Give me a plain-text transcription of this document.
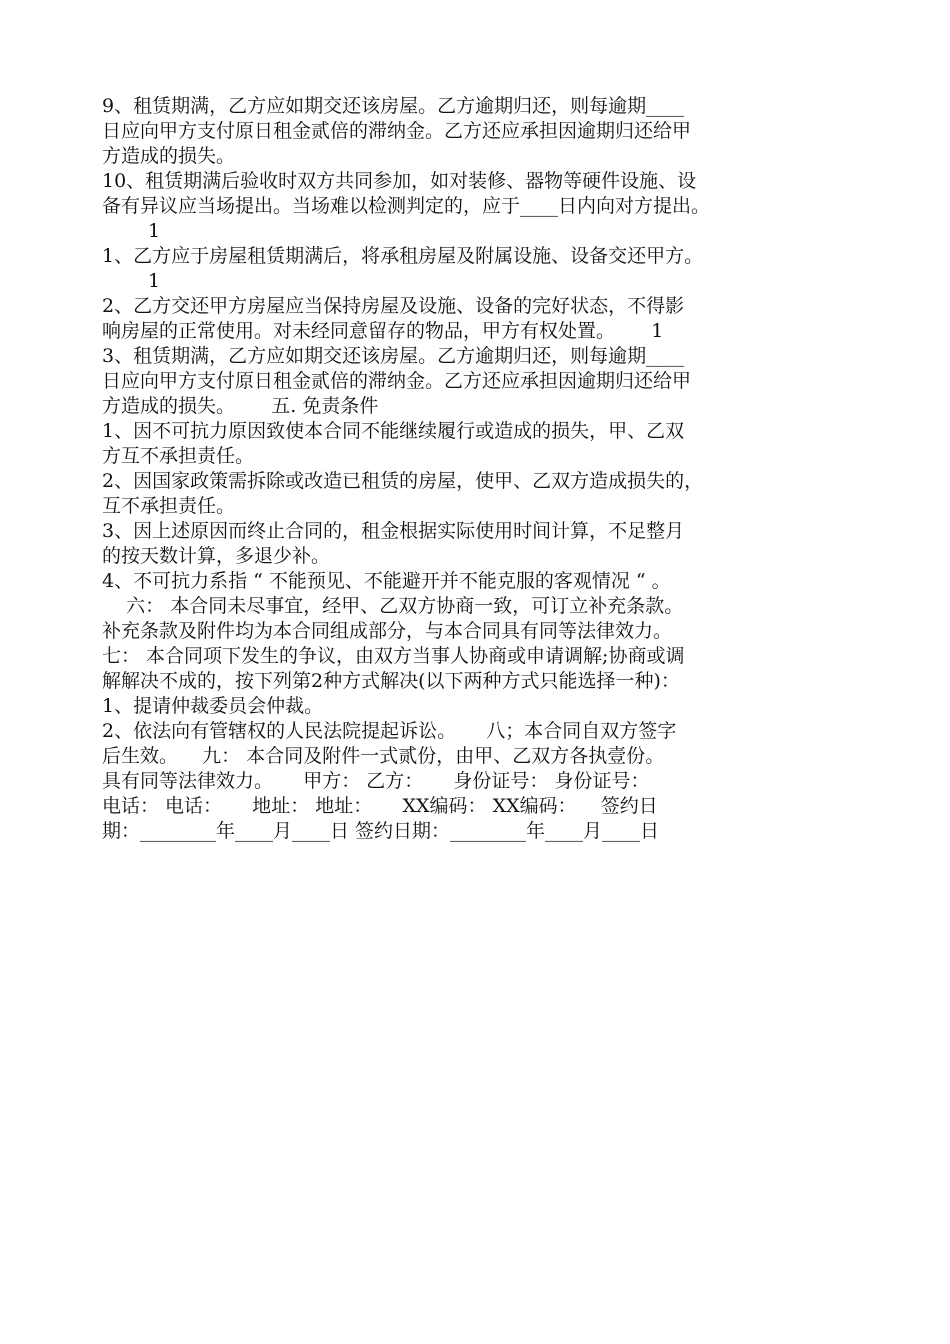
9、租赁期满，乙方应如期交还该房屋。乙方逾期归还，则每逾期____
日应向甲方支付原日租金贰倍的滞纳金。乙方还应承担因逾期归还给甲
方造成的损失。
10、租赁期满后验收时双方共同参加，如对装修、器物等硬件设施、设
备有异议应当场提出。当场难以检测判定的，应于____日内向对方提出。
1
1、乙方应于房屋租赁期满后，将承租房屋及附属设施、设备交还甲方。
1
2、乙方交还甲方房屋应当保持房屋及设施、设备的完好状态，不得影
响房屋的正常使用。对未经同意留存的物品，甲方有权处置。      1
3、租赁期满，乙方应如期交还该房屋。乙方逾期归还，则每逾期____
日应向甲方支付原日租金贰倍的滞纳金。乙方还应承担因逾期归还给甲
方造成的损失。      五. 免责条件
1、因不可抗力原因致使本合同不能继续履行或造成的损失，甲、乙双
方互不承担责任。
2、因国家政策需拆除或改造已租赁的房屋，使甲、乙双方造成损失的，
互不承担责任。
3、因上述原因而终止合同的，租金根据实际使用时间计算，不足整月
的按天数计算，多退少补。
4、不可抗力系指 “ 不能预见、不能避开并不能克服的客观情况 “ 。
六： 本合同未尽事宜，经甲、乙双方协商一致，可订立补充条款。
补充条款及附件均为本合同组成部分，与本合同具有同等法律效力。
七： 本合同项下发生的争议，由双方当事人协商或申请调解;协商或调
解解决不成的，按下列第2种方式解决(以下两种方式只能选择一种)：
1、提请仲裁委员会仲裁。
2、依法向有管辖权的人民法院提起诉讼。     八；本合同自双方签字
后生效。    九： 本合同及附件一式贰份，由甲、乙双方各执壹份。
具有同等法律效力。     甲方： 乙方：     身份证号： 身份证号：
电话： 电话：     地址： 地址：     XX编码： XX编码：    签约日
期：________年____月____日 签约日期：________年____月____日
